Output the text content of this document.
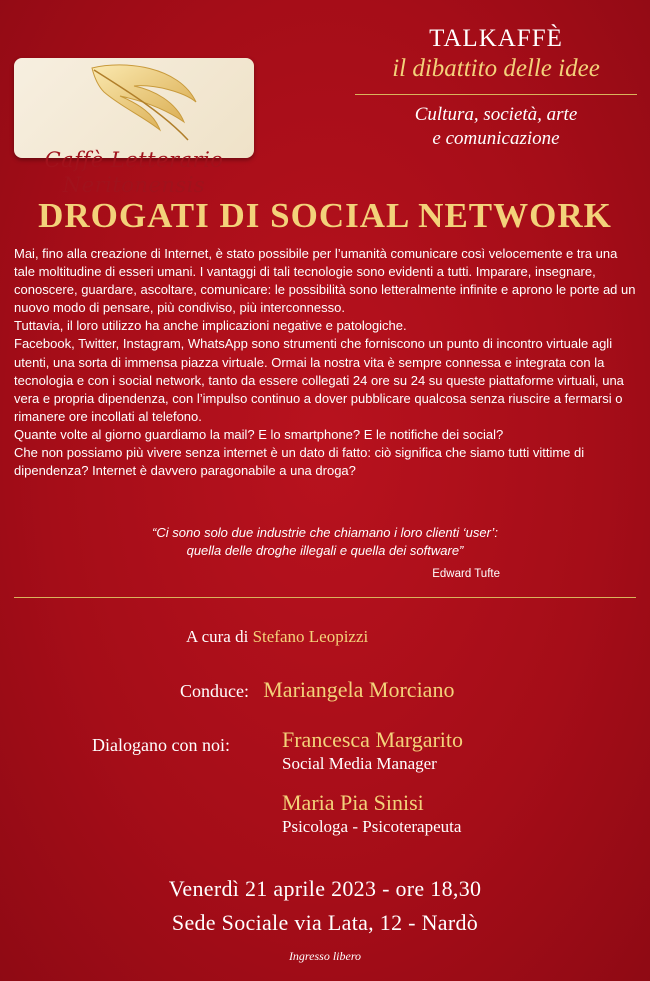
Caffè Letterario
Neritonensis
TALKAFFÈ
il dibattito delle idee
Cultura, società, arte
e comunicazione
DROGATI DI SOCIAL NETWORK

Mai, fino alla creazione di Internet, è stato possibile per l’umanità comunicare così velocemente e tra una tale moltitudine di esseri umani. I vantaggi di tali tecnologie sono evidenti a tutti. Imparare, insegnare, conoscere, guardare, ascoltare, comunicare: le possibilità sono letteralmente infinite e aprono le porte ad un nuovo modo di pensare, più condiviso, più interconnesso.

Tuttavia, il loro utilizzo ha anche implicazioni negative e patologiche.

Facebook, Twitter, Instagram, WhatsApp sono strumenti che forniscono un punto di incontro virtuale agli utenti, una sorta di immensa piazza virtuale. Ormai la nostra vita è sempre connessa e integrata con la tecnologia e con i social network, tanto da essere collegati 24 ore su 24 su queste piattaforme virtuali, una vera e propria dipendenza, con l’impulso continuo a dover pubblicare qualcosa senza riuscire a fermarsi o rimanere ore incollati al telefono.

Quante volte al giorno guardiamo la mail? E lo smartphone? E le notifiche dei social?

Che non possiamo più vivere senza internet è un dato di fatto: ciò significa che siamo tutti vittime di dipendenza? Internet è davvero paragonabile a una droga?

“Ci sono solo due industrie che chiamano i loro clienti ‘user’:
quella delle droghe illegali e quella dei software”
Edward Tufte
A cura di Stefano Leopizzi
Conduce: Mariangela Morciano
Dialogano con noi: Francesca Margarito
Social Media Manager
Maria Pia Sinisi
Psicologa - Psicoterapeuta
Venerdì 21 aprile 2023 - ore 18,30
Sede Sociale via Lata, 12 - Nardò
Ingresso libero
